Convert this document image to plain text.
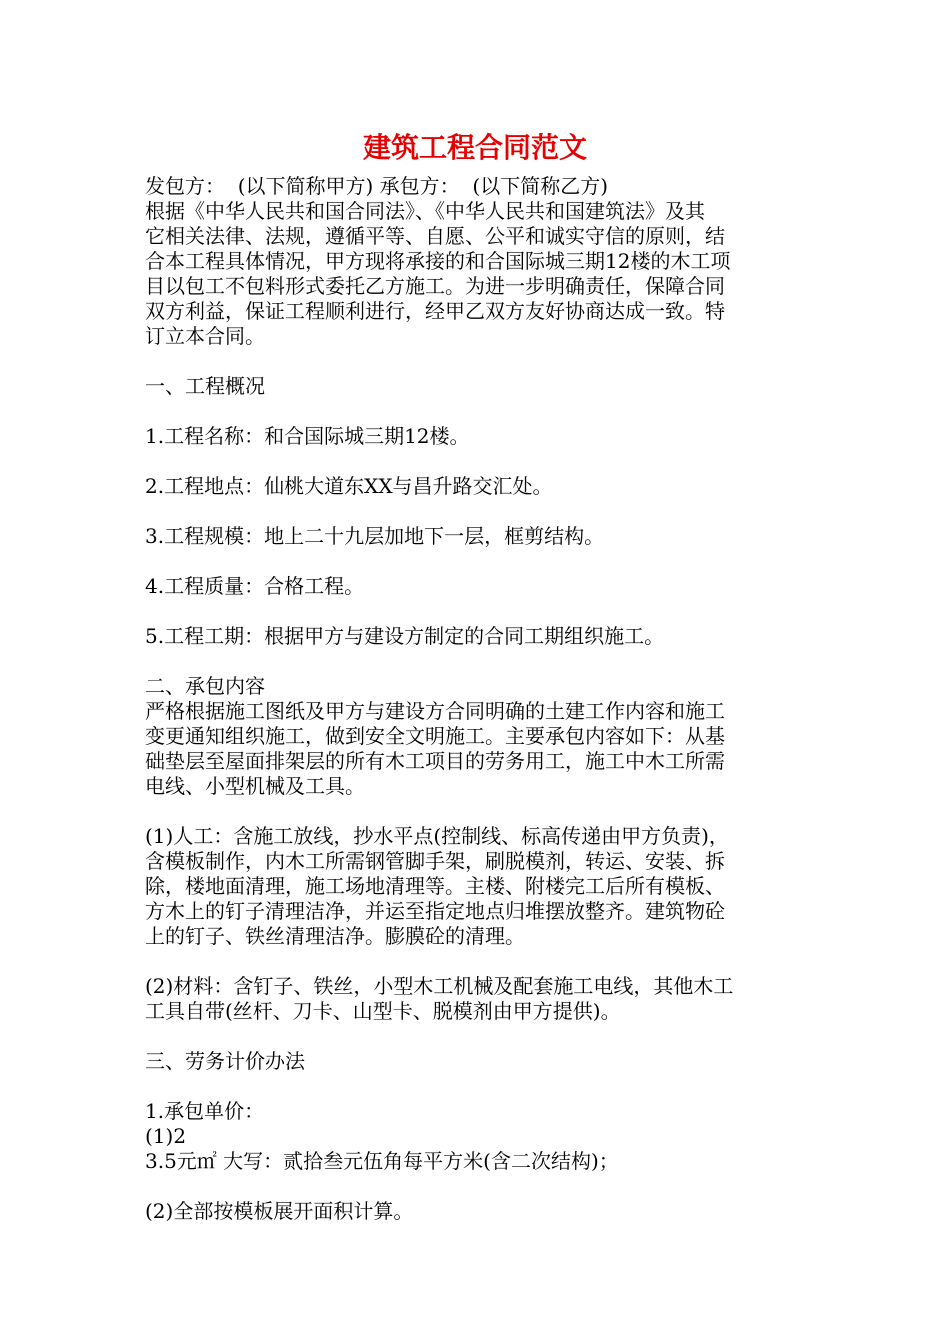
建筑工程合同范文

发包方：  (以下简称甲方) 承包方：  (以下简称乙方)

根据《中华人民共和国合同法》、《中华人民共和国建筑法》及其

它相关法律、法规，遵循平等、自愿、公平和诚实守信的原则，结

合本工程具体情况，甲方现将承接的和合国际城三期12楼的木工项

目以包工不包料形式委托乙方施工。为进一步明确责任，保障合同

双方利益，保证工程顺利进行，经甲乙双方友好协商达成一致。特

订立本合同。

一、工程概况

1.工程名称：和合国际城三期12楼。

2.工程地点：仙桃大道东XX与昌升路交汇处。

3.工程规模：地上二十九层加地下一层，框剪结构。

4.工程质量：合格工程。

5.工程工期：根据甲方与建设方制定的合同工期组织施工。

二、承包内容

严格根据施工图纸及甲方与建设方合同明确的土建工作内容和施工

变更通知组织施工，做到安全文明施工。主要承包内容如下：从基

础垫层至屋面排架层的所有木工项目的劳务用工，施工中木工所需

电线、小型机械及工具。

(1)人工：含施工放线，抄水平点(控制线、标高传递由甲方负责)，

含模板制作，内木工所需钢管脚手架，刷脱模剂，转运、安装、拆

除，楼地面清理，施工场地清理等。主楼、附楼完工后所有模板、

方木上的钉子清理洁净，并运至指定地点归堆摆放整齐。建筑物砼

上的钉子、铁丝清理洁净。膨膜砼的清理。

(2)材料：含钉子、铁丝，小型木工机械及配套施工电线，其他木工

工具自带(丝杆、刀卡、山型卡、脱模剂由甲方提供)。

三、劳务计价办法

1.承包单价：

(1)2

3.5元㎡ 大写：贰拾叁元伍角每平方米(含二次结构)；

(2)全部按模板展开面积计算。
